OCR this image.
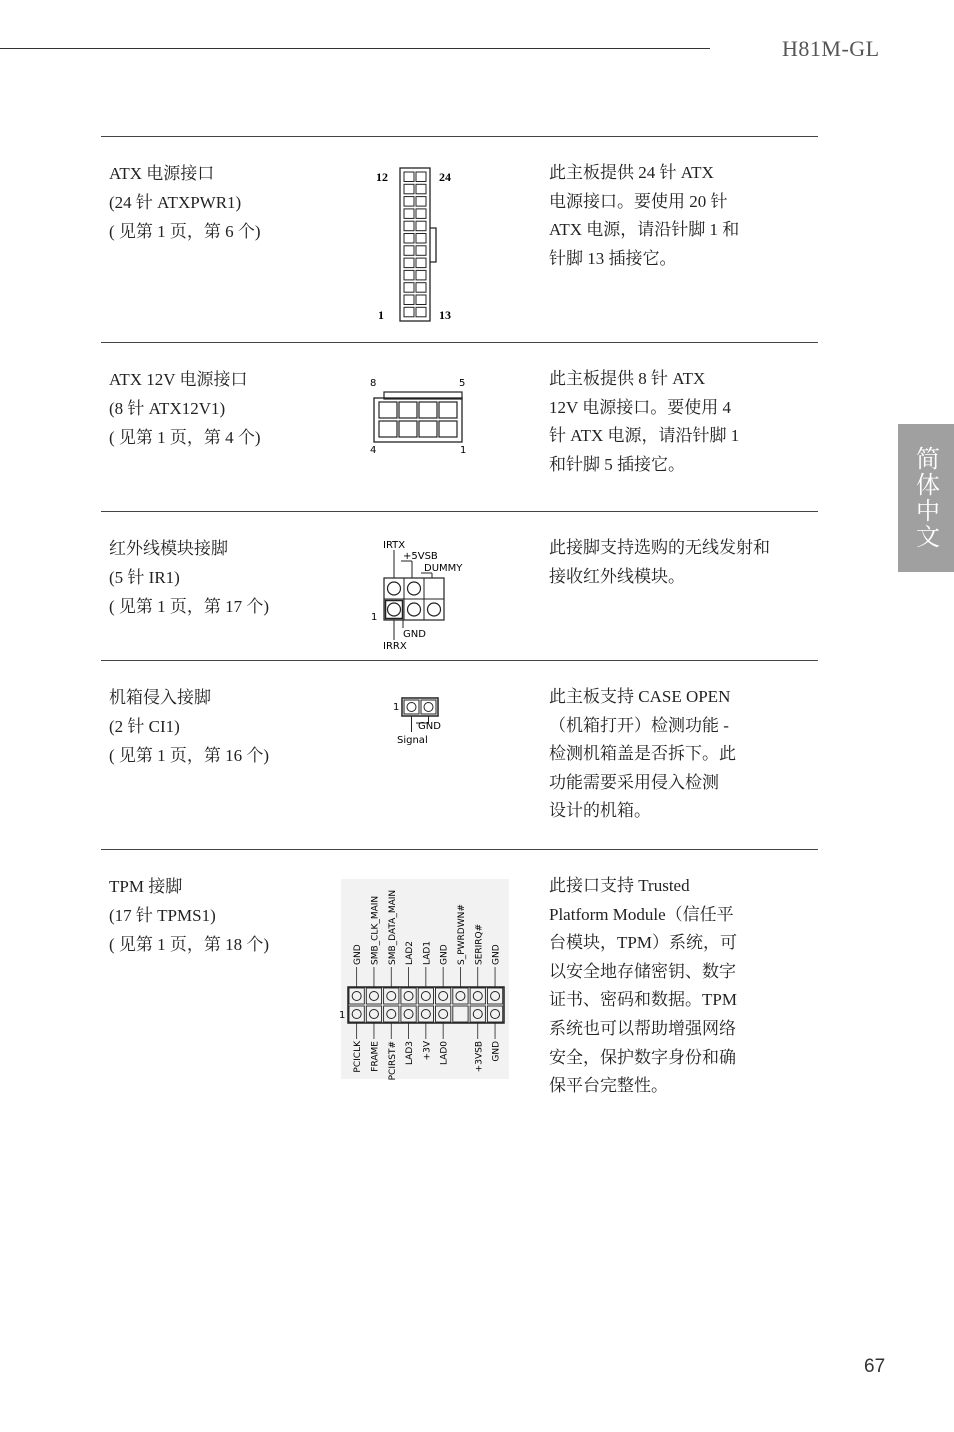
H81M-GL
简体中文
ATX 电源接口
(24 针 ATXPWR1)
( 见第 1 页，第 6 个)
12	24
1	13
此主板提供 24 针 ATX
电源接口。要使用 20 针
ATX 电源，请沿针脚 1 和
针脚 13 插接它。
ATX 12V 电源接口
(8 针 ATX12V1)
( 见第 1 页，第 4 个)
8	5
4	1
此主板提供 8 针 ATX
12V 电源接口。要使用 4
针 ATX 电源，请沿针脚 1
和针脚 5 插接它。
红外线模块接脚
(5 针 IR1)
( 见第 1 页，第 17 个)
IRTX
+5VSB
DUMMY
1
GND
IRRX
此接脚支持选购的无线发射和
接收红外线模块。
机箱侵入接脚
(2 针 CI1)
( 见第 1 页，第 16 个)
1
GND
Signal
此主板支持 CASE OPEN
（机箱打开）检测功能 -
检测机箱盖是否拆下。此
功能需要采用侵入检测
设计的机箱。
TPM 接脚
(17 针 TPMS1)
( 见第 1 页，第 18 个)
1
GND SMB_CLK_MAIN SMB_DATA_MAIN LAD2 LAD1 GND S_PWRDWN# SERIRQ# GND
PCICLK FRAME PCIRST# LAD3 +3V LAD0	+3VSB GND
此接口支持 Trusted
Platform Module（信任平
台模块，TPM）系统，可
以安全地存储密钥、数字
证书、密码和数据。TPM
系统也可以帮助增强网络
安全，保护数字身份和确
保平台完整性。
67
